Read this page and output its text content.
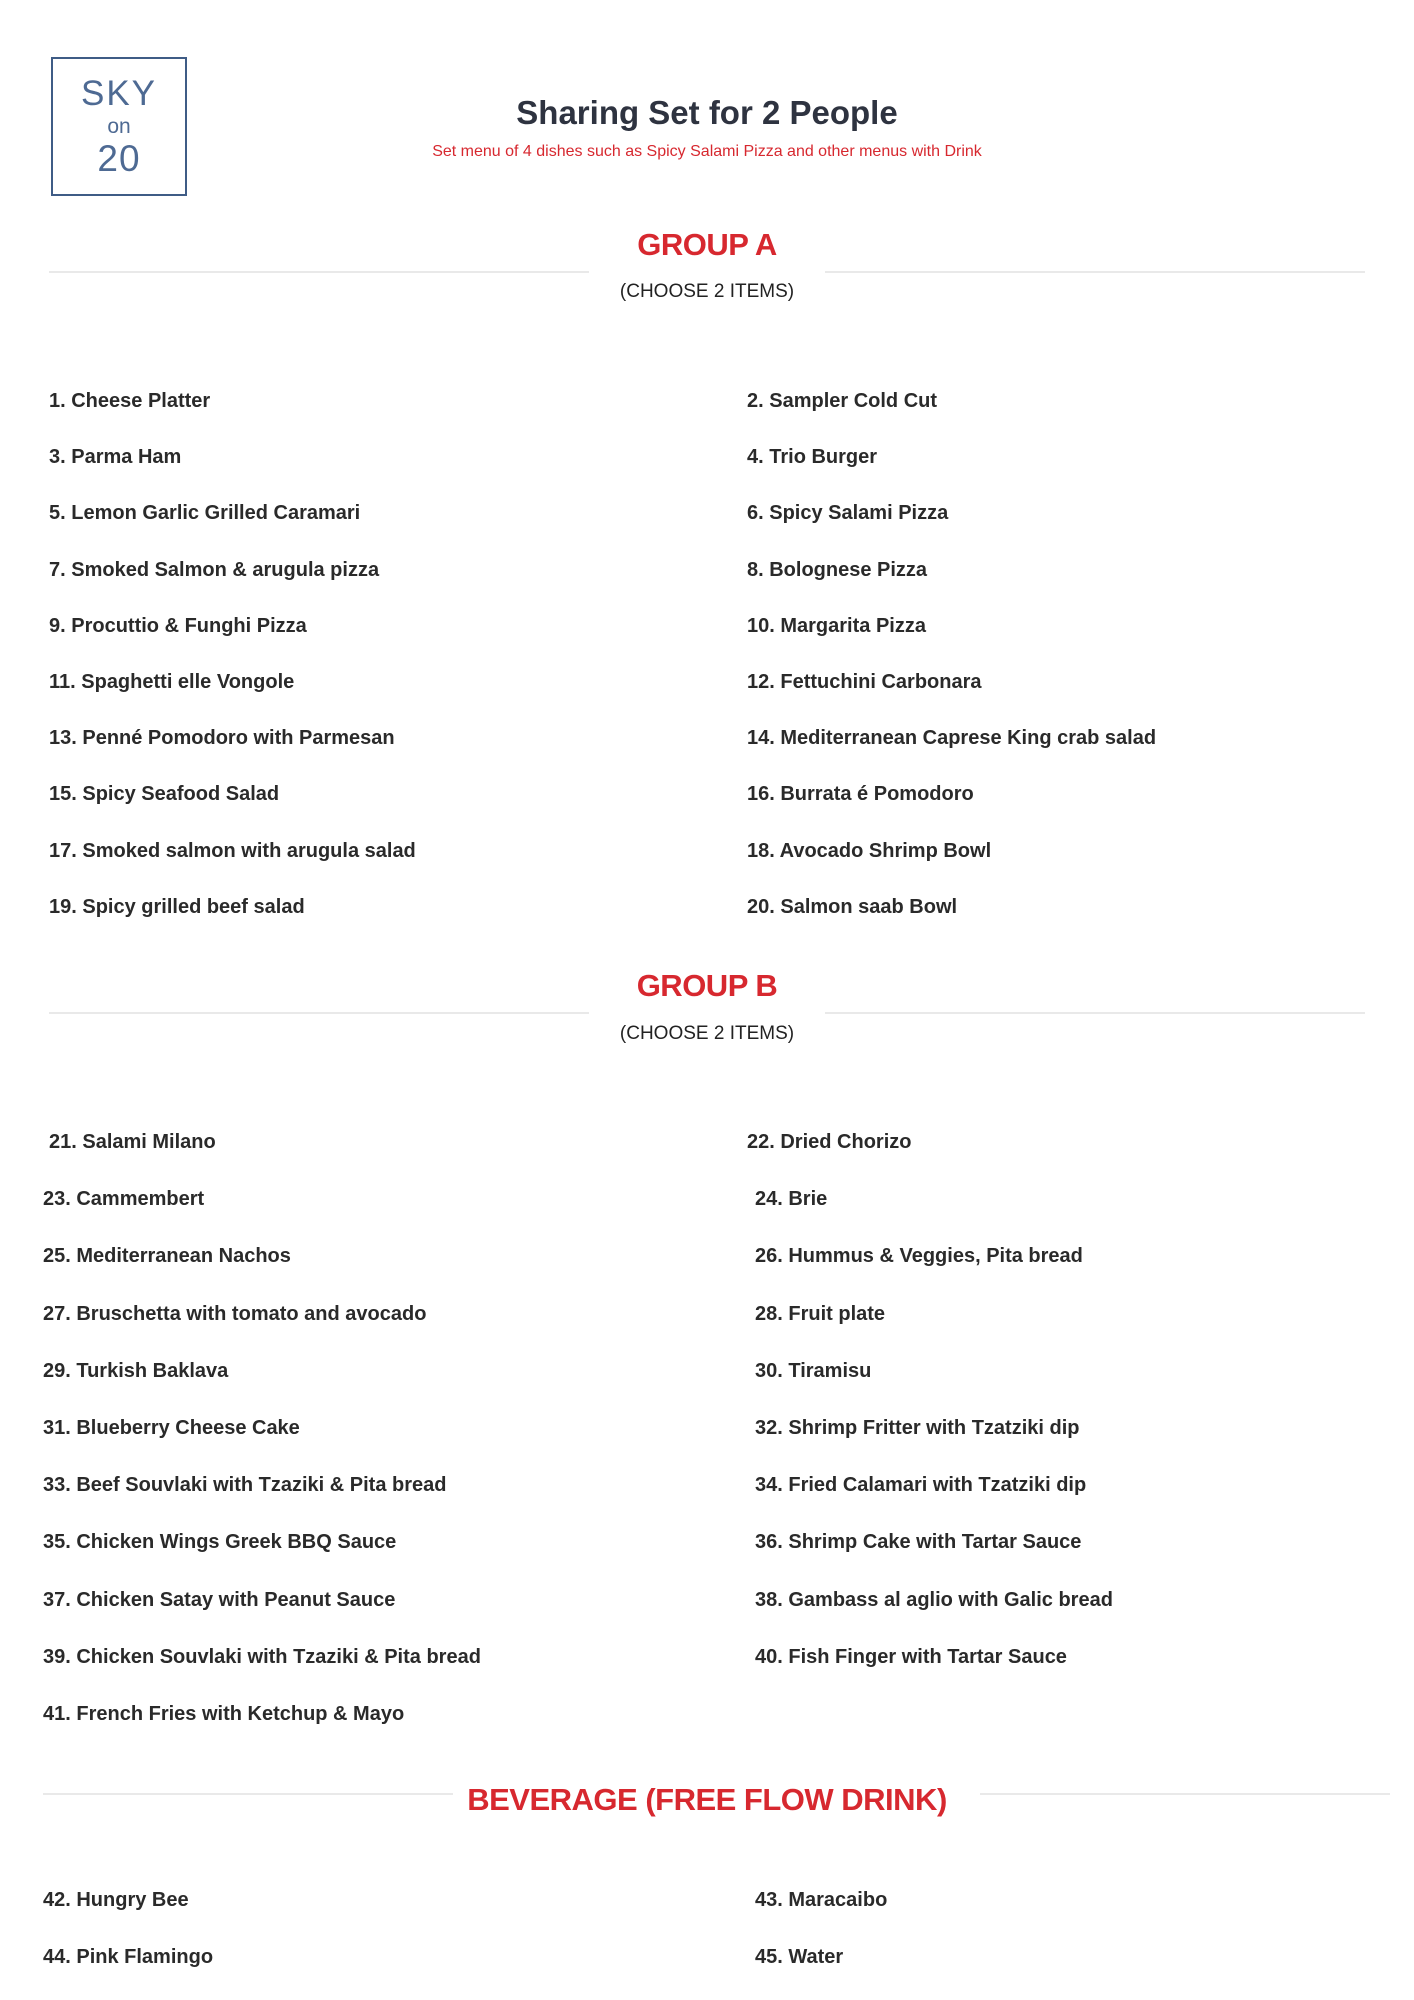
SKY
on
20
Sharing Set for 2 People
Set menu of 4 dishes such as Spicy Salami Pizza and other menus with Drink
GROUP A
(CHOOSE 2 ITEMS)
1. Cheese Platter
3. Parma Ham
5. Lemon Garlic Grilled Caramari
7. Smoked Salmon & arugula pizza
9. Procuttio & Funghi Pizza
11. Spaghetti elle Vongole
13. Penné Pomodoro with Parmesan
15. Spicy Seafood Salad
17. Smoked salmon with arugula salad
19. Spicy grilled beef salad
2. Sampler Cold Cut
4. Trio Burger
6. Spicy Salami Pizza
8. Bolognese Pizza
10. Margarita Pizza
12. Fettuchini Carbonara
14. Mediterranean Caprese King crab salad
16. Burrata é Pomodoro
18. Avocado Shrimp Bowl
20. Salmon saab Bowl
GROUP B
(CHOOSE 2 ITEMS)
21. Salami Milano
23. Cammembert
25. Mediterranean Nachos
27. Bruschetta with tomato and avocado
29. Turkish Baklava
31. Blueberry Cheese Cake
33. Beef Souvlaki with Tzaziki & Pita bread
35. Chicken Wings Greek BBQ Sauce
37. Chicken Satay with Peanut Sauce
39. Chicken Souvlaki with Tzaziki & Pita bread
41. French Fries with Ketchup & Mayo
22. Dried Chorizo
24. Brie
26. Hummus & Veggies, Pita bread
28. Fruit plate
30. Tiramisu
32. Shrimp Fritter with Tzatziki dip
34. Fried Calamari with Tzatziki dip
36. Shrimp Cake with Tartar Sauce
38. Gambass al aglio with Galic bread
40. Fish Finger with Tartar Sauce
BEVERAGE (FREE FLOW DRINK)
42. Hungry Bee
44. Pink Flamingo
43. Maracaibo
45. Water
